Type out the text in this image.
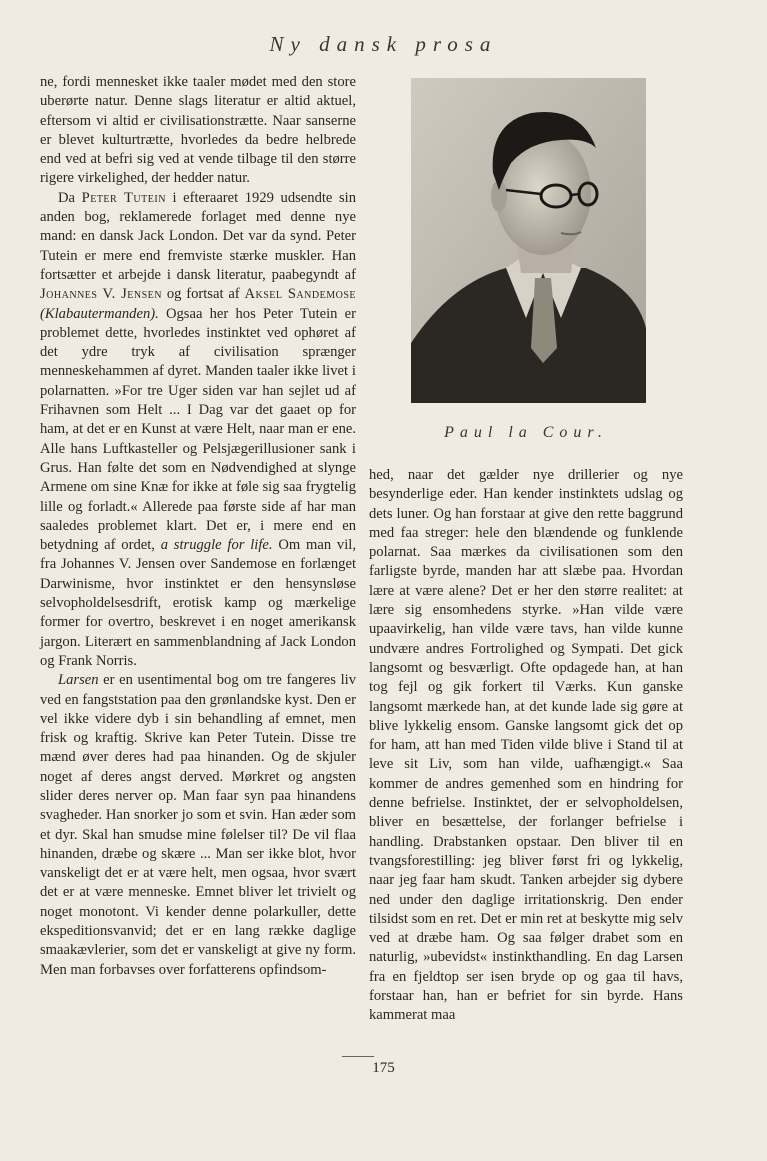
Ny dansk prosa

ne, fordi mennesket ikke taaler mødet med den store uberørte natur. Denne slags literatur er altid aktuel, eftersom vi altid er civilisationstrætte. Naar sanserne er blevet kulturtrætte, hvorledes da bedre helbrede end ved at befri sig ved at vende tilbage til den større rigere virkelighed, der hedder natur.

Da Peter Tutein i efteraaret 1929 udsendte sin anden bog, reklamerede forlaget med denne nye mand: en dansk Jack London. Det var da synd. Peter Tutein er mere end fremviste stærke muskler. Han fortsætter et arbejde i dansk literatur, paabegyndt af Johannes V. Jensen og fortsat af Aksel Sandemose (Klabautermanden). Ogsaa her hos Peter Tutein er problemet dette, hvorledes instinktet ved ophøret af det ydre tryk af civilisation sprænger menneskehammen af dyret. Manden taaler ikke livet i polarnatten. »For tre Uger siden var han sejlet ud af Frihavnen som Helt ... I Dag var det gaaet op for ham, at det er en Kunst at være Helt, naar man er ene. Alle hans Luftkasteller og Pelsjægerillusioner sank i Grus. Han følte det som en Nødvendighed at slynge Armene om sine Knæ for ikke at føle sig saa frygtelig lille og forladt.« Allerede paa første side af har man saaledes problemet klart. Det er, i mere end en betydning af ordet, a struggle for life. Om man vil, fra Johannes V. Jensen over Sandemose en forlænget Darwinisme, hvor instinktet er den hensynsløse selvopholdelsesdrift, erotisk kamp og mærkelige former for overtro, beskrevet i en noget amerikansk jargon. Literært en sammenblandning af Jack London og Frank Norris.

Larsen er en usentimental bog om tre fangeres liv ved en fangststation paa den grønlandske kyst. Den er vel ikke videre dyb i sin behandling af emnet, men frisk og kraftig. Skrive kan Peter Tutein. Disse tre mænd øver deres had paa hinanden. Og de skjuler noget af deres angst derved. Mørkret og angsten slider deres nerver op. Man faar syn paa hinandens svagheder. Han snorker jo som et svin. Han æder som et dyr. Skal han smudse mine følelser til? De vil flaa hinanden, dræbe og skære ... Man ser ikke blot, hvor vanskeligt det er at være helt, men ogsaa, hvor svært det er at være menneske. Emnet bliver let trivielt og noget monotont. Vi kender denne polarkuller, dette ekspeditionsvanvid; det er en lang række daglige smaakævlerier, som det er vanskeligt at give ny form. Men man forbavses over forfatterens opfindsom-

Paul la Cour.

hed, naar det gælder nye drillerier og nye besynderlige eder. Han kender instinktets udslag og dets luner. Og han forstaar at give den rette baggrund med faa streger: hele den blændende og funklende polarnat. Saa mærkes da civilisationen som den farligste byrde, manden har att slæbe paa. Hvordan lære at være alene? Det er her den større realitet: at lære sig ensomhedens styrke. »Han vilde være upaavirkelig, han vilde være tavs, han vilde kunne undvære andres Fortrolighed og Sympati. Det gick langsomt og besværligt. Ofte opdagede han, at han tog fejl og gik forkert til Værks. Kun ganske langsomt mærkede han, at det kunde lade sig gøre at blive lykkelig ensom. Ganske langsomt gick det op for ham, att han med Tiden vilde blive i Stand til at leve sit Liv, som han vilde, uafhængigt.« Saa kommer de andres gemenhed som en hindring for denne befrielse. Instinktet, der er selvopholdelsen, bliver en besættelse, der forlanger befrielse i handling. Drabstanken opstaar. Den bliver til en tvangsforestilling: jeg bliver først fri og lykkelig, naar jeg faar ham skudt. Tanken arbejder sig dybere ned under den daglige irritationskrig. Den ender tilsidst som en ret. Det er min ret at beskytte mig selv ved at dræbe ham. Og saa følger drabet som en naturlig, »ubevidst« instinkthandling. En dag Larsen fra en fjeldtop ser isen bryde op og gaa til havs, forstaar han, han er befriet for sin byrde. Hans kammerat maa

175
